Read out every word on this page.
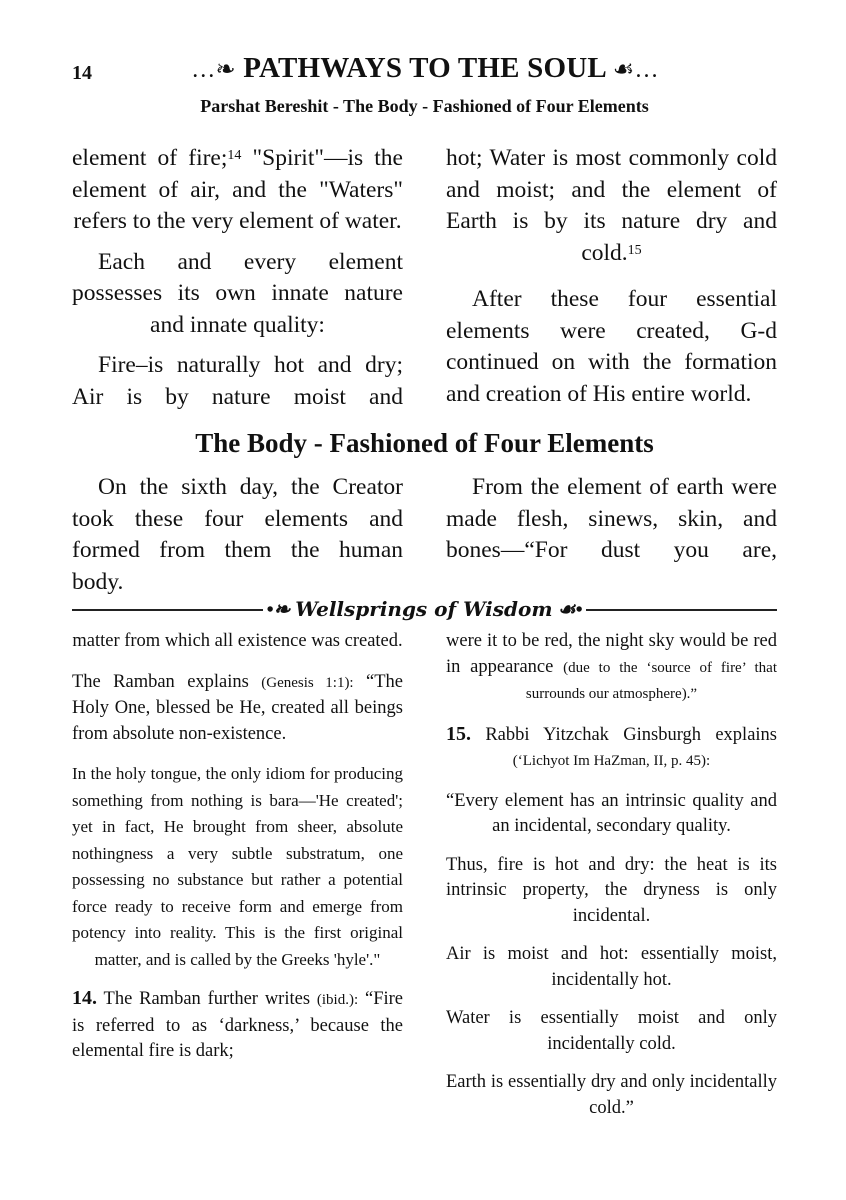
14	…❧ PATHWAYS TO THE SOUL ☙…
Parshat Bereshit - The Body - Fashioned of Four Elements

element of fire;$^{14}$ "Spirit"—is the element of air, and the "Waters" refers to the very element of water.

Each and every element possesses its own innate nature and innate quality:

Fire–is naturally hot and dry; Air is by nature moist and

hot; Water is most commonly cold and moist; and the element of Earth is by its nature dry and cold.$^{15}$

After these four essential elements were created, G-d continued on with the formation and creation of His entire world.

The Body - Fashioned of Four Elements

On the sixth day, the Creator took these four elements and formed from them the human body.

From the element of earth were made flesh, sinews, skin, and bones—“For dust you are,

•❧ Wellsprings of Wisdom ☙•

matter from which all existence was created.

The Ramban explains (Genesis 1:1): “The Holy One, blessed be He, created all beings from absolute non-existence.

In the holy tongue, the only idiom for producing something from nothing is bara—'He created'; yet in fact, He brought from sheer, absolute nothingness a very subtle substratum, one possessing no substance but rather a potential force ready to receive form and emerge from potency into reality. This is the first original matter, and is called by the Greeks 'hyle'."

14. The Ramban further writes (ibid.): “Fire is referred to as ‘darkness,’ because the elemental fire is dark;

were it to be red, the night sky would be red in appearance (due to the ‘source of fire’ that surrounds our atmosphere).”

15. Rabbi Yitzchak Ginsburgh explains (‘Lichyot Im HaZman, II, p. 45):

“Every element has an intrinsic quality and an incidental, secondary quality.

Thus, fire is hot and dry: the heat is its intrinsic property, the dryness is only incidental.

Air is moist and hot: essentially moist, incidentally hot.

Water is essentially moist and only incidentally cold.

Earth is essentially dry and only incidentally cold.”
